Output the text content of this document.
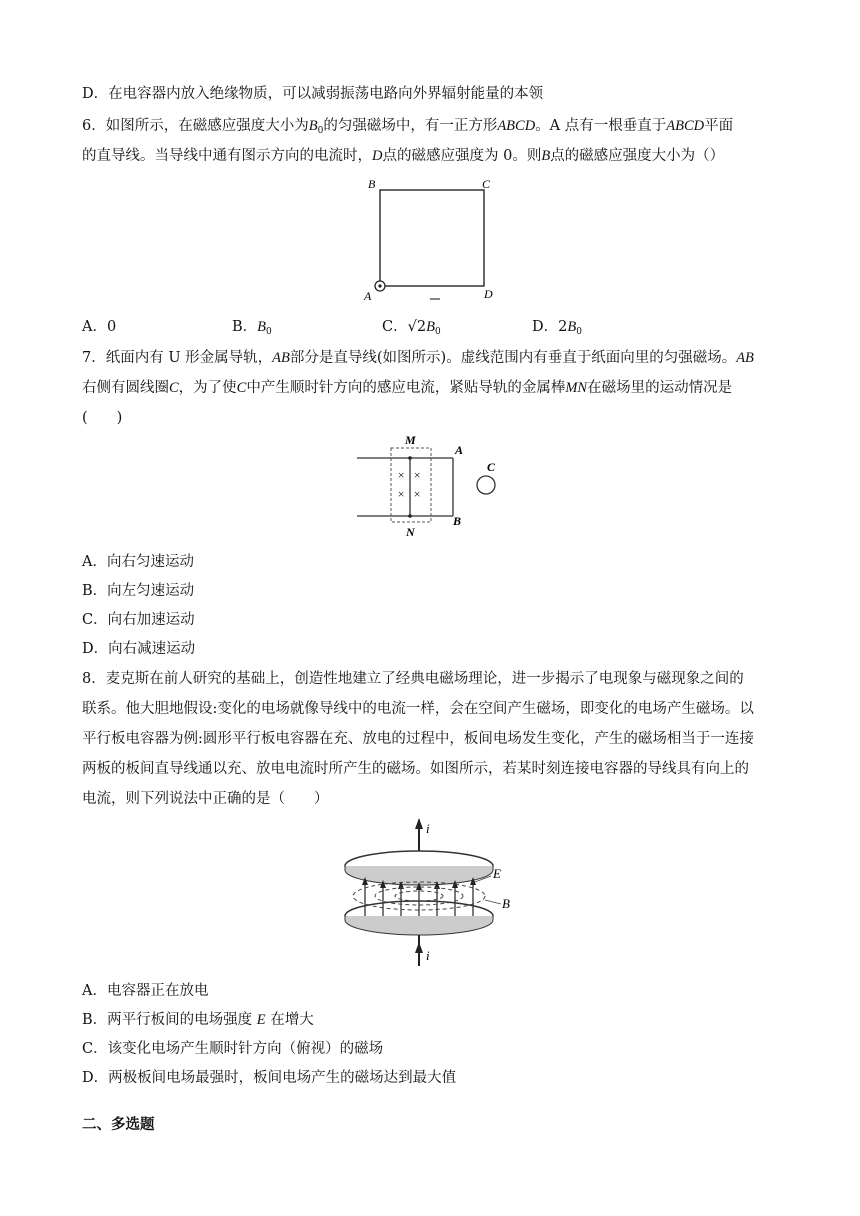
D．在电容器内放入绝缘物质，可以减弱振荡电路向外界辐射能量的本领
6．如图所示，在磁感应强度大小为$B_0$的匀强磁场中，有一正方形ABCD。A 点有一根垂直于ABCD平面
的直导线。当导线中通有图示方向的电流时，D点的磁感应强度为 0。则B点的磁感应强度大小为（）
B	C
A	D
A．0	B．$B_0$	C．$√2B_0$	D．$2B_0$
7．纸面内有 U 形金属导轨，AB部分是直导线(如图所示)。虚线范围内有垂直于纸面向里的匀强磁场。AB
右侧有圆线圈C，为了使C中产生顺时针方向的感应电流，紧贴导轨的金属棒MN在磁场里的运动情况是
(　　)
× ×
× ×
M
N
A
B
C
A．向右匀速运动
B．向左匀速运动
C．向右加速运动
D．向右减速运动
8．麦克斯在前人研究的基础上，创造性地建立了经典电磁场理论，进一步揭示了电现象与磁现象之间的
联系。他大胆地假设:变化的电场就像导线中的电流一样，会在空间产生磁场，即变化的电场产生磁场。以
平行板电容器为例:圆形平行板电容器在充、放电的过程中，板间电场发生变化，产生的磁场相当于一连接
两板的板间直导线通以充、放电电流时所产生的磁场。如图所示，若某时刻连接电容器的导线具有向上的
电流，则下列说法中正确的是（　　）
i
i
E
B
A．电容器正在放电
B．两平行板间的电场强度 E 在增大
C．该变化电场产生顺时针方向（俯视）的磁场
D．两极板间电场最强时，板间电场产生的磁场达到最大值
二、多选题
